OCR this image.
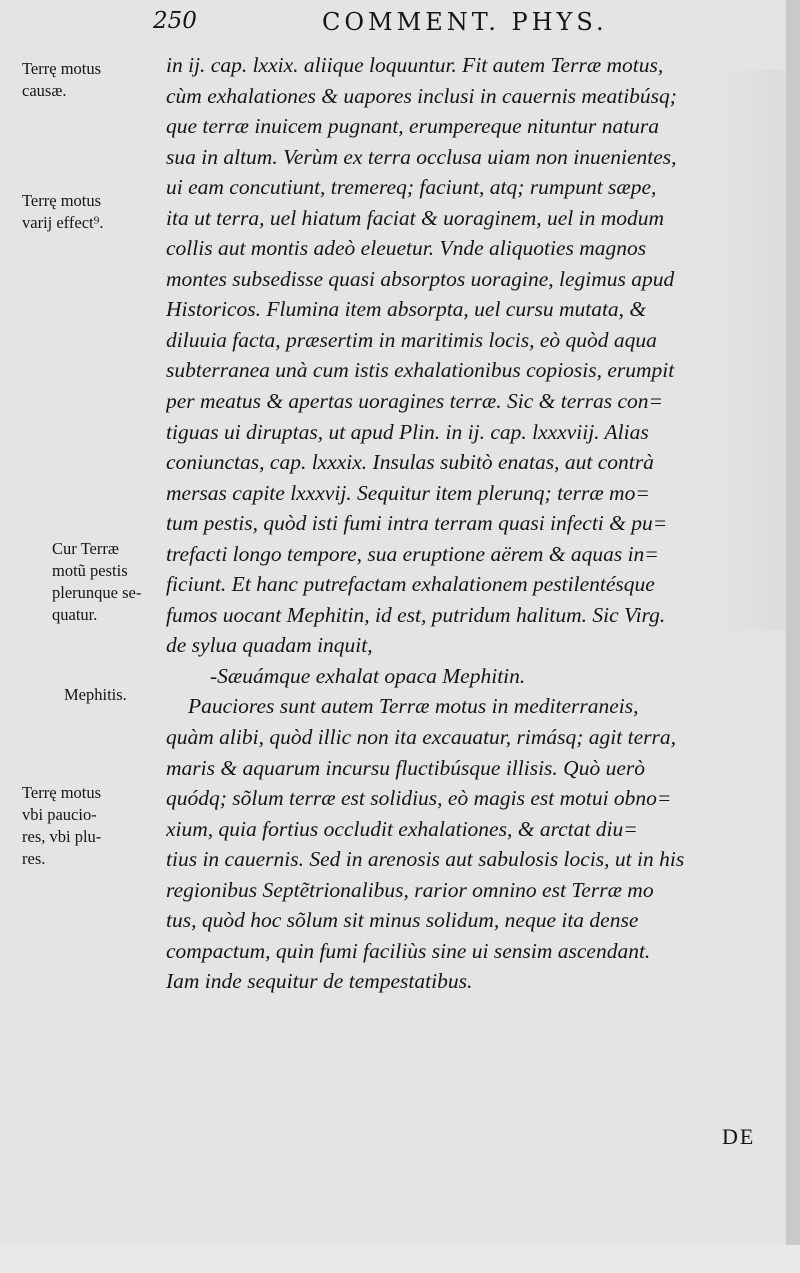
250	COMMENT. PHYS.
in ij. cap. lxxix. aliique loquuntur. Fit autem Terræ motus,
cùm exhalationes & uapores inclusi in cauernis meatibúsq;
que terræ inuicem pugnant, erumpereque nituntur natura
sua in altum. Verùm ex terra occlusa uiam non inuenientes,
ui eam concutiunt, tremereq; faciunt, atq; rumpunt sæpe,
ita ut terra, uel hiatum faciat & uoraginem, uel in modum
collis aut montis adeò eleuetur. Vnde aliquoties magnos
montes subsedisse quasi absorptos uoragine, legimus apud
Historicos. Flumina item absorpta, uel cursu mutata, &
diluuia facta, præsertim in maritimis locis, eò quòd aqua
subterranea unà cum istis exhalationibus copiosis, erumpit
per meatus & apertas uoragines terræ. Sic & terras con=
tiguas ui diruptas, ut apud Plin. in ij. cap. lxxxviij. Alias
coniunctas, cap. lxxxix. Insulas subitò enatas, aut contrà
mersas capite lxxxvij. Sequitur item plerunq; terræ mo=
tum pestis, quòd isti fumi intra terram quasi infecti & pu=
trefacti longo tempore, sua eruptione aërem & aquas in=
ficiunt. Et hanc putrefactam exhalationem pestilentésque
fumos uocant Mephitin, id est, putridum halitum. Sic Virg.
de sylua quadam inquit,
-Sæuámque exhalat opaca Mephitin.
Pauciores sunt autem Terræ motus in mediterraneis,
quàm alibi, quòd illic non ita excauatur, rimásq; agit terra,
maris & aquarum incursu fluctibúsque illisis. Quò uerò
quódq; sõlum terræ est solidius, eò magis est motui obno=
xium, quia fortius occludit exhalationes, & arctat diu=
tius in cauernis. Sed in arenosis aut sabulosis locis, ut in his
regionibus Septẽtrionalibus, rarior omnino est Terræ mo
tus, quòd hoc sõlum sit minus solidum, neque ita dense
compactum, quin fumi faciliùs sine ui sensim ascendant.
Iam inde sequitur de tempestatibus.
Terrę motus
causæ.
Terrę motus
varij effect⁹.
Cur Terræ
motũ pestis
plerunque se-
quatur.
Mephitis.
Terrę motus
vbi paucio-
res, vbi plu-
res.
DE
